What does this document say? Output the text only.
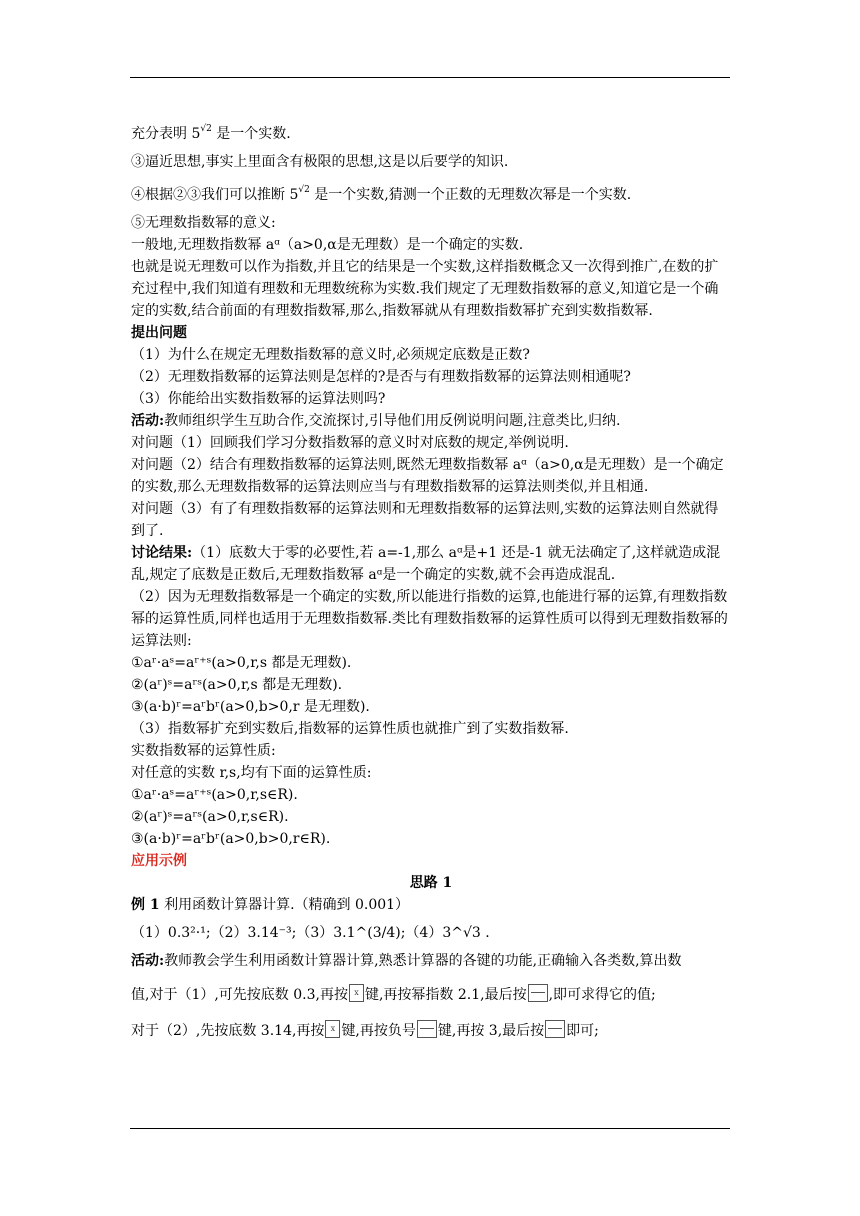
充分表明 $5^{√2}$ 是一个实数.
③逼近思想,事实上里面含有极限的思想,这是以后要学的知识.
④根据②③我们可以推断 $5^{√2}$ 是一个实数,猜测一个正数的无理数次幂是一个实数.
⑤无理数指数幂的意义:
一般地,无理数指数幂 aᵅ（a>0,α是无理数）是一个确定的实数.
也就是说无理数可以作为指数,并且它的结果是一个实数,这样指数概念又一次得到推广,在数的扩充过程中,我们知道有理数和无理数统称为实数.我们规定了无理数指数幂的意义,知道它是一个确定的实数,结合前面的有理数指数幂,那么,指数幂就从有理数指数幂扩充到实数指数幂.
提出问题
（1）为什么在规定无理数指数幂的意义时,必须规定底数是正数?
（2）无理数指数幂的运算法则是怎样的?是否与有理数指数幂的运算法则相通呢?
（3）你能给出实数指数幂的运算法则吗?
活动:教师组织学生互助合作,交流探讨,引导他们用反例说明问题,注意类比,归纳.
对问题（1）回顾我们学习分数指数幂的意义时对底数的规定,举例说明.
对问题（2）结合有理数指数幂的运算法则,既然无理数指数幂 aᵅ（a>0,α是无理数）是一个确定的实数,那么无理数指数幂的运算法则应当与有理数指数幂的运算法则类似,并且相通.
对问题（3）有了有理数指数幂的运算法则和无理数指数幂的运算法则,实数的运算法则自然就得到了.
讨论结果:（1）底数大于零的必要性,若 a=-1,那么 aᵅ是+1 还是-1 就无法确定了,这样就造成混乱,规定了底数是正数后,无理数指数幂 aᵅ是一个确定的实数,就不会再造成混乱.
（2）因为无理数指数幂是一个确定的实数,所以能进行指数的运算,也能进行幂的运算,有理数指数幂的运算性质,同样也适用于无理数指数幂.类比有理数指数幂的运算性质可以得到无理数指数幂的运算法则:
①aʳ·aˢ=aʳ⁺ˢ(a>0,r,s 都是无理数).
②(aʳ)ˢ=aʳˢ(a>0,r,s 都是无理数).
③(a·b)ʳ=aʳbʳ(a>0,b>0,r 是无理数).
（3）指数幂扩充到实数后,指数幂的运算性质也就推广到了实数指数幂.
实数指数幂的运算性质:
对任意的实数 r,s,均有下面的运算性质:
①aʳ·aˢ=aʳ⁺ˢ(a>0,r,s∈R).
②(aʳ)ˢ=aʳˢ(a>0,r,s∈R).
③(a·b)ʳ=aʳbʳ(a>0,b>0,r∈R).
应用示例
思路 1
例 1 利用函数计算器计算.（精确到 0.001）
（1）0.3²·¹;（2）3.14⁻³;（3）3.1^(3/4);（4）3^√3 .
活动:教师教会学生利用函数计算器计算,熟悉计算器的各键的功能,正确输入各类数,算出数
值,对于（1）,可先按底数 0.3,再按 x 键,再按幂指数 2.1,最后按 ,即可求得它的值;
对于（2）,先按底数 3.14,再按 x 键,再按负号 键,再按 3,最后按 即可;
